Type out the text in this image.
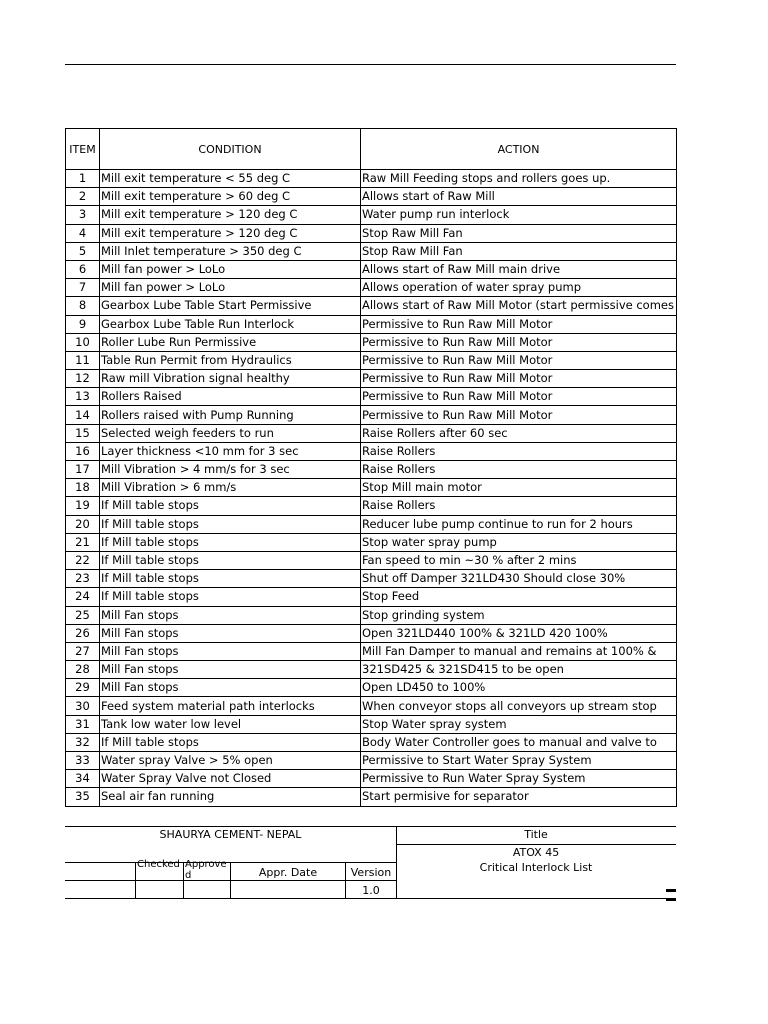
ITEM	CONDITION	ACTION
1	Mill exit temperature < 55 deg C	Raw Mill Feeding stops and rollers goes up.
2	Mill exit temperature > 60 deg C	Allows start of Raw Mill
3	Mill exit temperature > 120 deg C	Water pump run interlock
4	Mill exit temperature > 120 deg C	Stop Raw Mill Fan
5	Mill Inlet temperature > 350 deg C	Stop Raw Mill Fan
6	Mill fan power > LoLo	Allows start of Raw Mill main drive
7	Mill fan power > LoLo	Allows operation of water spray pump
8	Gearbox Lube Table Start Permissive	Allows start of Raw Mill Motor (start permissive comes
9	Gearbox Lube Table Run Interlock	Permissive to Run Raw Mill Motor
10	Roller Lube Run Permissive	Permissive to Run Raw Mill Motor
11	Table Run Permit from Hydraulics	Permissive to Run Raw Mill Motor
12	Raw mill Vibration signal healthy	Permissive to Run Raw Mill Motor
13	Rollers Raised	Permissive to Run Raw Mill Motor
14	Rollers raised with Pump Running	Permissive to Run Raw Mill Motor
15	Selected weigh feeders to run	Raise Rollers after 60 sec
16	Layer thickness <10 mm for 3 sec	Raise Rollers
17	Mill Vibration > 4 mm/s for 3 sec	Raise Rollers
18	Mill Vibration > 6 mm/s	Stop Mill main motor
19	If Mill table stops	Raise Rollers
20	If Mill table stops	Reducer lube pump continue to run for 2 hours
21	If Mill table stops	Stop water spray pump
22	If Mill table stops	Fan speed to min ~30 % after 2 mins
23	If Mill table stops	Shut off Damper 321LD430 Should close 30%
24	If Mill table stops	Stop Feed
25	Mill Fan stops	Stop grinding system
26	Mill Fan stops	Open 321LD440 100% & 321LD 420 100%
27	Mill Fan stops	Mill Fan Damper to manual and remains at 100% &
28	Mill Fan stops	321SD425 & 321SD415 to be open
29	Mill Fan stops	Open LD450 to 100%
30	Feed system material path interlocks	When conveyor stops all conveyors up stream stop
31	Tank low water low level	Stop Water spray system
32	If Mill table stops	Body Water Controller goes to manual and valve to
33	Water spray Valve > 5% open	Permissive to Start Water Spray System
34	Water Spray Valve not Closed	Permissive to Run Water Spray System
35	Seal air fan running	Start permisive for separator
SHAURYA CEMENT- NEPAL	Title
ATOX 45
Critical Interlock List
Checked Approved	Appr. Date	Version
1.0
